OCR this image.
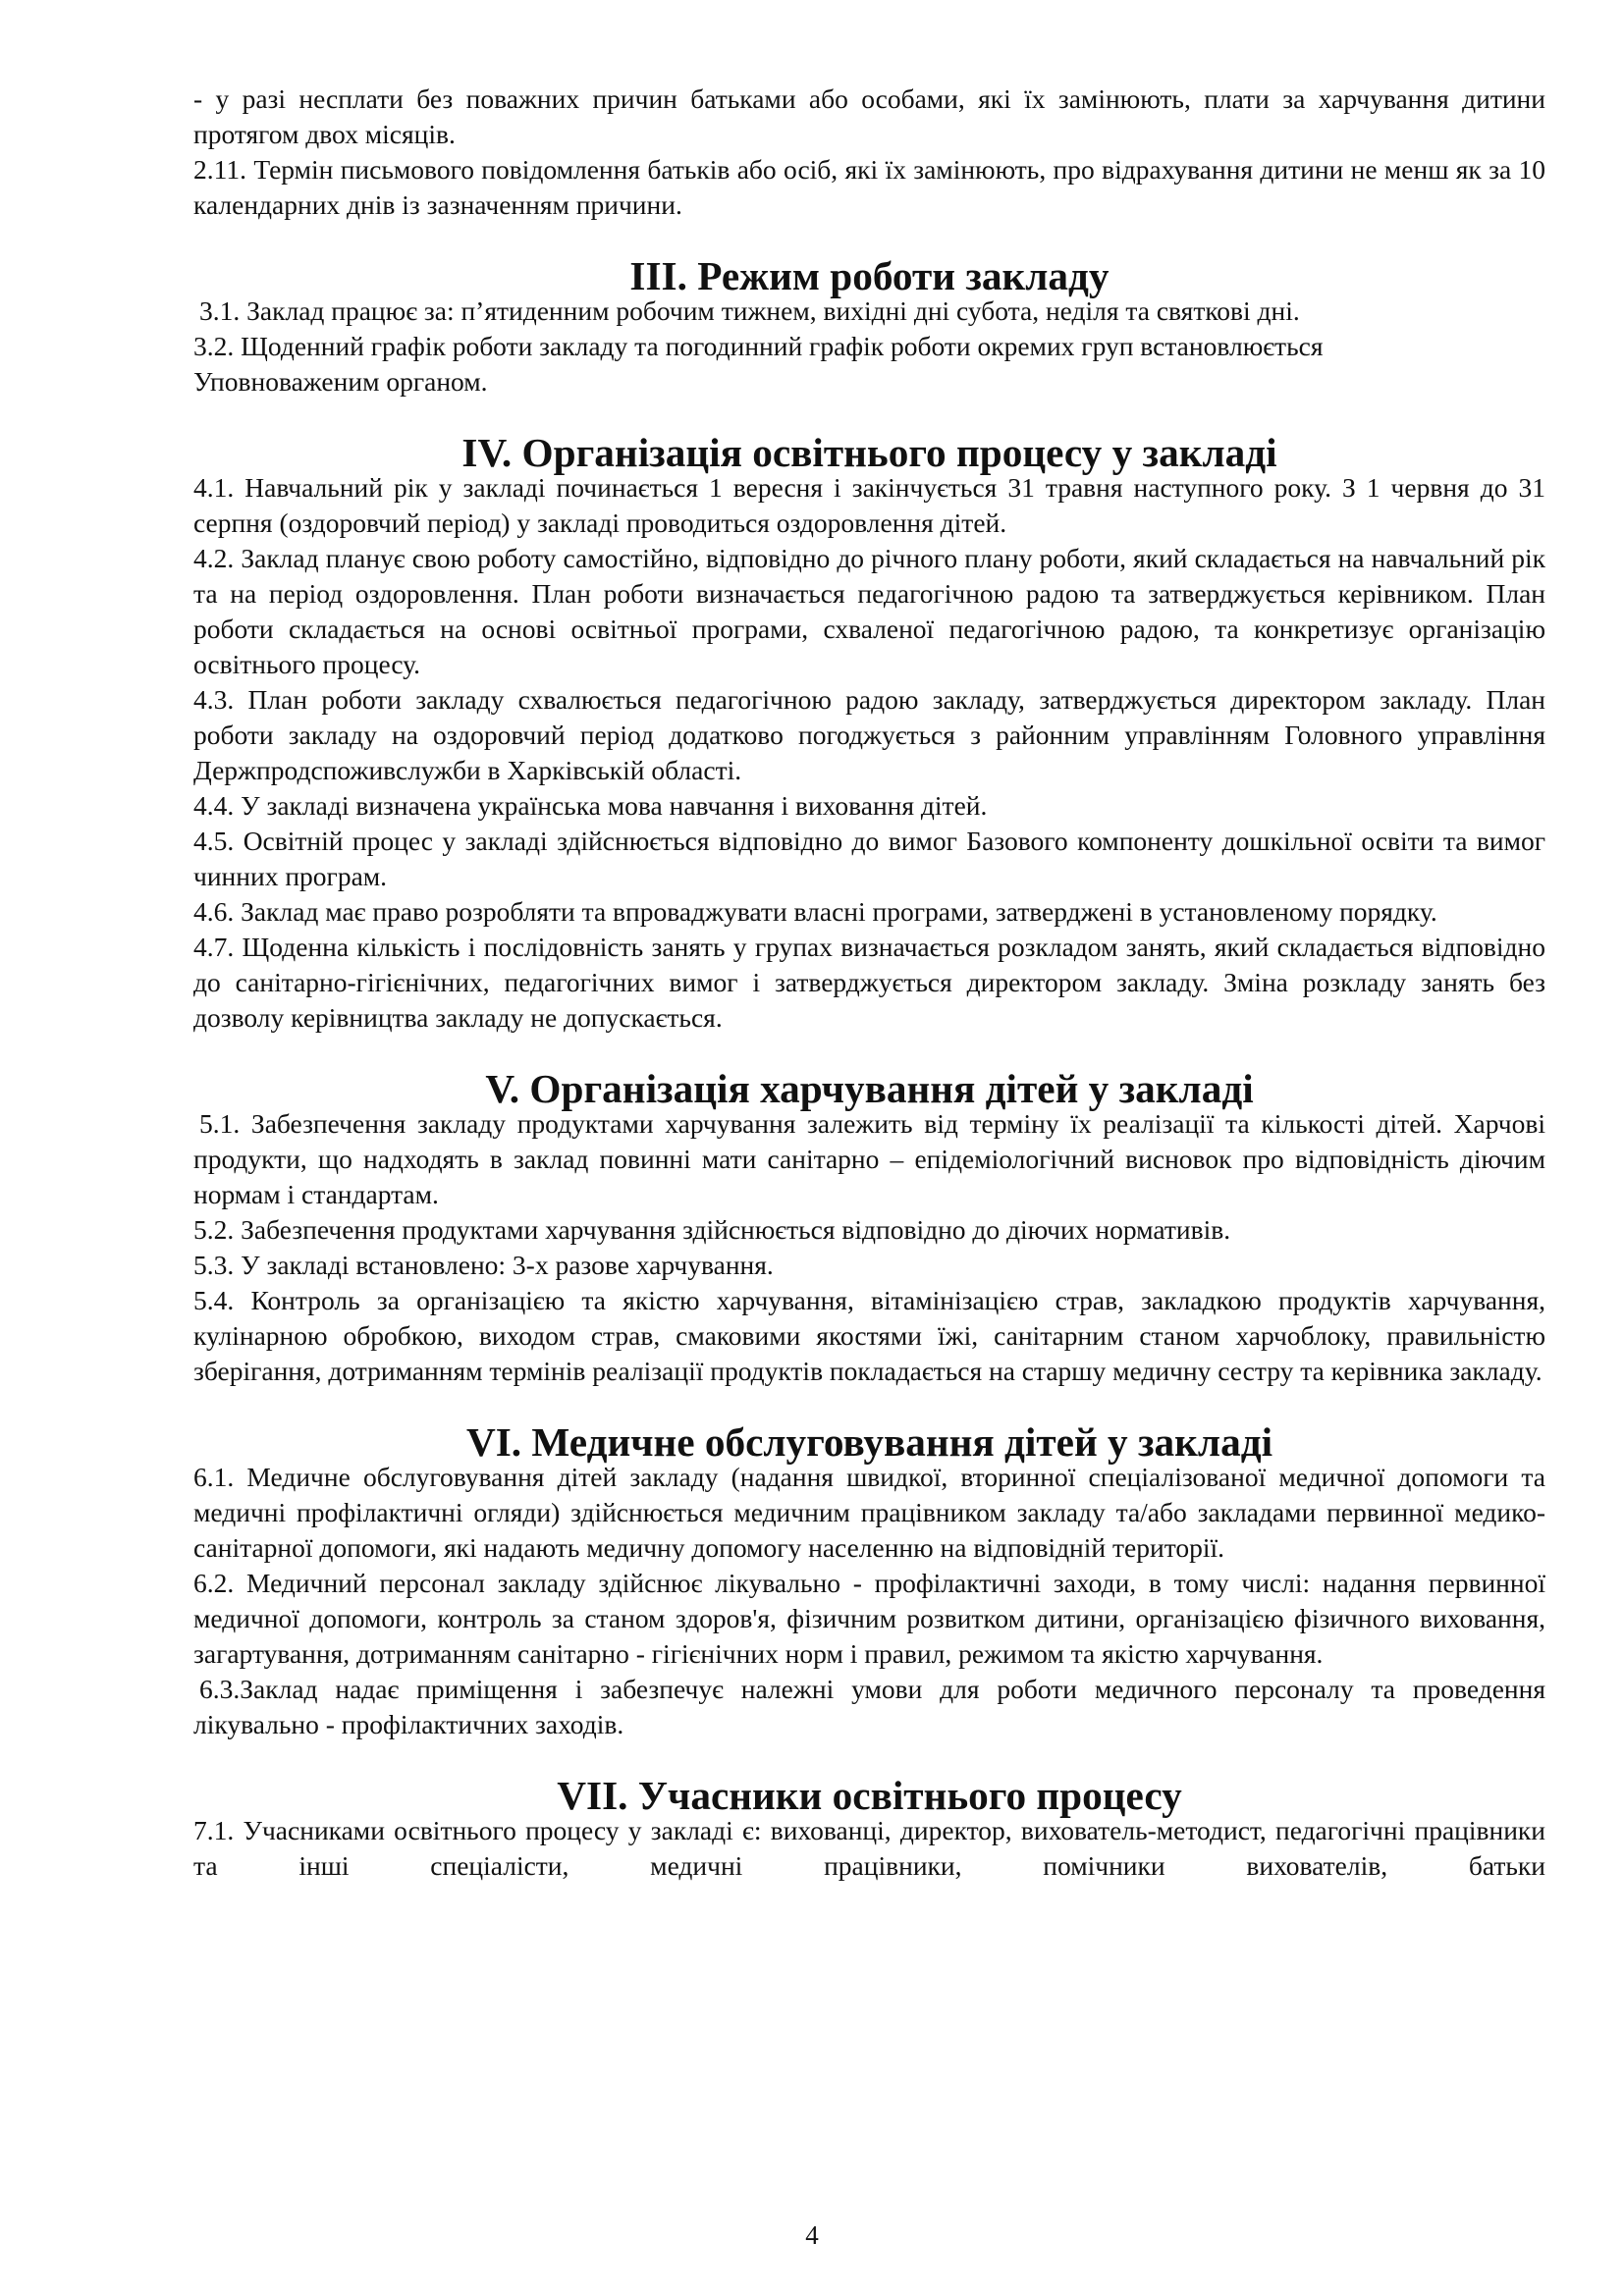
- у разі несплати без поважних причин батьками або особами, які їх замінюють, плати за харчування дитини протягом двох місяців.

2.11. Термін письмового повідомлення батьків або осіб, які їх замінюють, про відрахування дитини не менш як за 10 календарних днів із зазначенням причини.

III. Режим роботи закладу

3.1. Заклад працює за: п’ятиденним робочим тижнем, вихідні дні субота, неділя та святкові дні.

3.2. Щоденний графік роботи закладу та погодинний графік роботи окремих груп встановлюється Уповноваженим органом.

IV. Організація освітнього процесу у закладі

4.1. Навчальний рік у закладі починається 1 вересня і закінчується 31 травня наступного року. З 1 червня до 31 серпня (оздоровчий період) у закладі проводиться оздоровлення дітей.

4.2. Заклад планує свою роботу самостійно, відповідно до річного плану роботи, який складається на навчальний рік та на період оздоровлення. План роботи визначається педагогічною радою та затверджується керівником. План роботи складається на основі освітньої програми, схваленої педагогічною радою, та конкретизує організацію освітнього процесу.

4.3. План роботи закладу схвалюється педагогічною радою закладу, затверджується директором закладу. План роботи закладу на оздоровчий період додатково погоджується з районним управлінням Головного управління Держпродспоживслужби в Харківській області.

4.4. У закладі визначена українська мова навчання і виховання дітей.

4.5. Освітній процес у закладі здійснюється відповідно до вимог Базового компоненту дошкільної освіти та вимог чинних програм.

4.6. Заклад має право розробляти та впроваджувати власні програми, затверджені в установленому порядку.

4.7. Щоденна кількість і послідовність занять у групах визначається розкладом занять, який складається відповідно до санітарно-гігієнічних, педагогічних вимог і затверджується директором закладу. Зміна розкладу занять без дозволу керівництва закладу не допускається.

V. Організація харчування дітей у закладі

5.1. Забезпечення закладу продуктами харчування залежить від терміну їх реалізації та кількості дітей. Харчові продукти, що надходять в заклад повинні мати санітарно – епідеміологічний висновок про відповідність діючим нормам і стандартам.

5.2. Забезпечення продуктами харчування здійснюється відповідно до діючих нормативів.

5.3. У закладі встановлено: 3-х разове харчування.

5.4. Контроль за організацією та якістю харчування, вітамінізацією страв, закладкою продуктів харчування, кулінарною обробкою, виходом страв, смаковими якостями їжі, санітарним станом харчоблоку, правильністю зберігання, дотриманням термінів реалізації продуктів покладається на старшу медичну сестру та керівника закладу.

VI. Медичне обслуговування дітей у закладі

6.1. Медичне обслуговування дітей закладу (надання швидкої, вторинної спеціалізованої медичної допомоги та медичні профілактичні огляди) здійснюється медичним працівником закладу та/або закладами первинної медико-санітарної допомоги, які надають медичну допомогу населенню на відповідній території.

6.2. Медичний персонал закладу здійснює лікувально - профілактичні заходи, в тому числі: надання первинної медичної допомоги, контроль за станом здоров'я, фізичним розвитком дитини, організацією фізичного виховання, загартування, дотриманням санітарно - гігієнічних норм і правил, режимом та якістю харчування.

6.3.Заклад надає приміщення і забезпечує належні умови для роботи медичного персоналу та проведення лікувально - профілактичних заходів.

VII. Учасники освітнього процесу

7.1. Учасниками освітнього процесу у закладі є: вихованці, директор, вихователь-методист, педагогічні працівники та інші спеціалісти, медичні працівники, помічники вихователів, батьки

4
